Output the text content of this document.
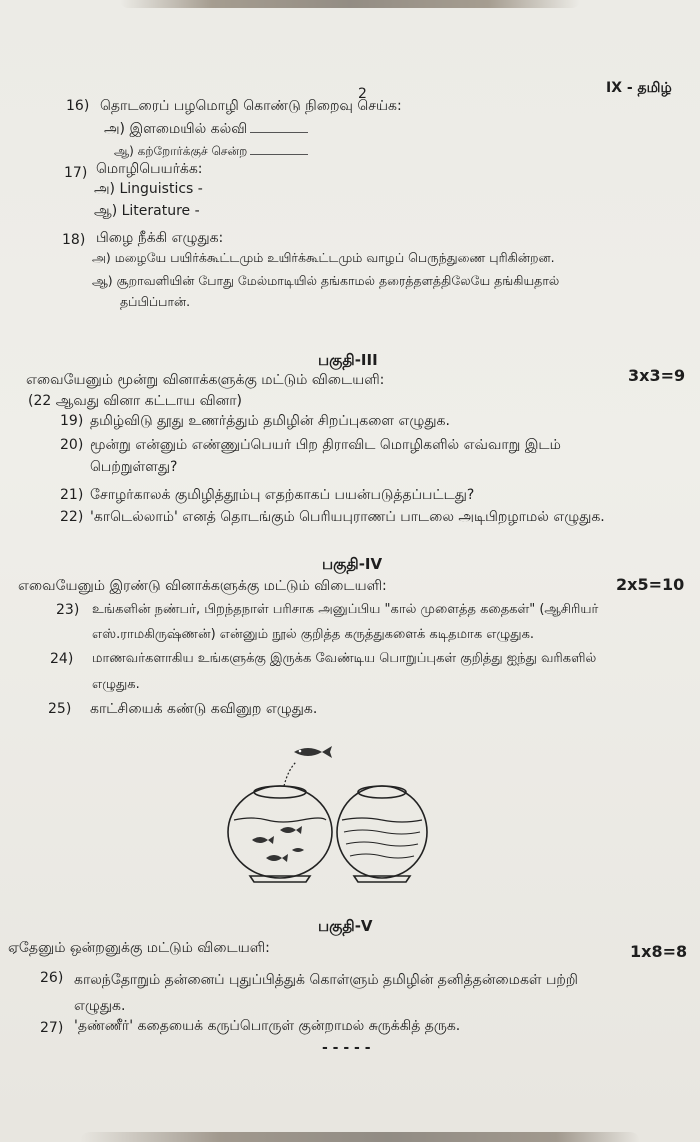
2	IX - தமிழ்
16) தொடரைப் பழமொழி கொண்டு நிறைவு செய்க:
அ) இளமையில் கல்வி
ஆ) கற்றோர்க்குச் சென்ற
17) மொழிபெயர்க்க:
அ) Linguistics -
ஆ) Literature -
18) பிழை நீக்கி எழுதுக:
அ) மழையே பயிர்க்கூட்டமும் உயிர்க்கூட்டமும் வாழப் பெருந்துணை புரிகின்றன.
ஆ) சூறாவளியின் போது மேல்மாடியில் தங்காமல் தரைத்தளத்திலேயே தங்கியதால்
தப்பிப்பான்.
பகுதி-III
எவையேனும் மூன்று வினாக்களுக்கு மட்டும் விடையளி:	3x3=9
(22 ஆவது வினா கட்டாய வினா)
19) தமிழ்விடு தூது உணர்த்தும் தமிழின் சிறப்புகளை எழுதுக.
20) மூன்று என்னும் எண்ணுப்பெயர் பிற திராவிட மொழிகளில் எவ்வாறு இடம்
பெற்றுள்ளது?
21) சோழர்காலக் குமிழித்தூம்பு எதற்காகப் பயன்படுத்தப்பட்டது?
22) 'காடெல்லாம்' எனத் தொடங்கும் பெரியபுராணப் பாடலை அடிபிறழாமல் எழுதுக.
பகுதி-IV
எவையேனும் இரண்டு வினாக்களுக்கு மட்டும் விடையளி:	2x5=10
23) உங்களின் நண்பர், பிறந்தநாள் பரிசாக அனுப்பிய "கால் முளைத்த கதைகள்" (ஆசிரியர்
எஸ்.ராமகிருஷ்ணன்) என்னும் நூல் குறித்த கருத்துகளைக் கடிதமாக எழுதுக.
24) மாணவர்களாகிய உங்களுக்கு இருக்க வேண்டிய பொறுப்புகள் குறித்து ஐந்து வரிகளில்
எழுதுக.
25) காட்சியைக் கண்டு கவினுற எழுதுக.
பகுதி-V
ஏதேனும் ஒன்றனுக்கு மட்டும் விடையளி:	1x8=8
26) காலந்தோறும் தன்னைப் புதுப்பித்துக் கொள்ளும் தமிழின் தனித்தன்மைகள் பற்றி
எழுதுக.
27) 'தண்ணீர்' கதையைக் கருப்பொருள் குன்றாமல் சுருக்கித் தருக.
- - - - -
